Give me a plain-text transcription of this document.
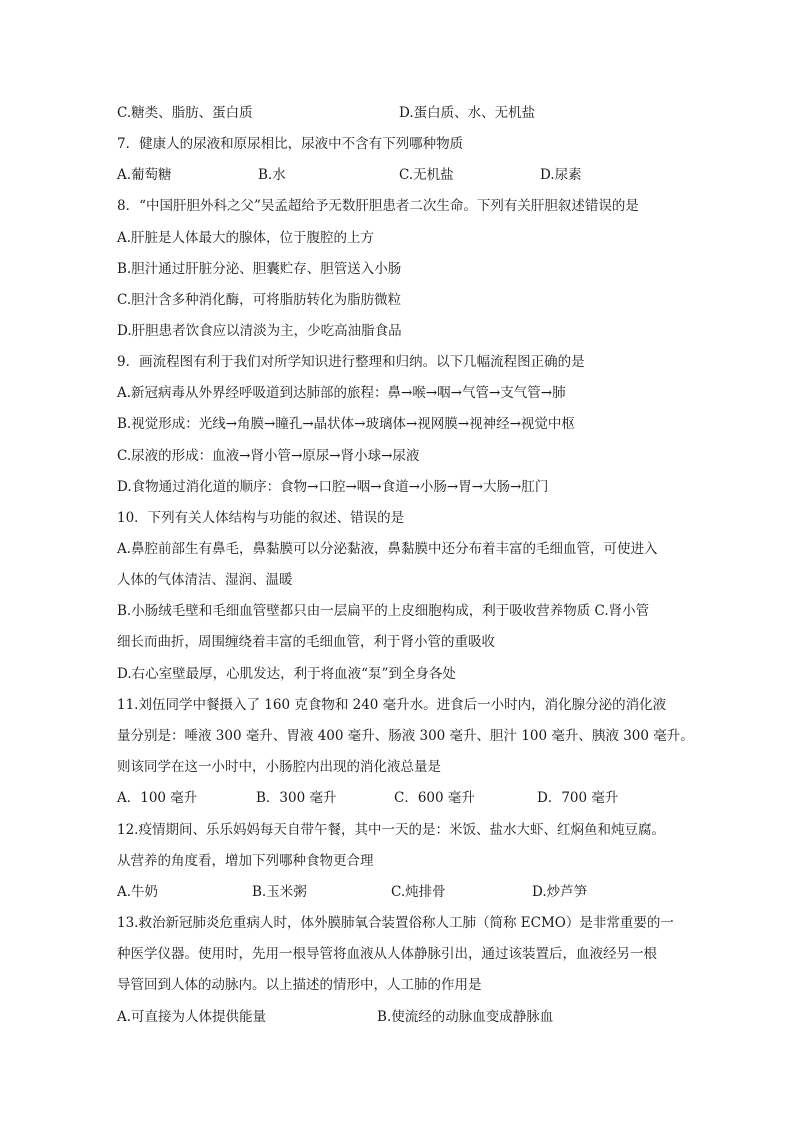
C.糖类、脂肪、蛋白质	D.蛋白质、水、无机盐
7．健康人的尿液和原尿相比，尿液中不含有下列哪种物质
A.葡萄糖	B.水	C.无机盐	D.尿素
8．“中国肝胆外科之父”吴孟超给予无数肝胆患者二次生命。下列有关肝胆叙述错误的是
A.肝脏是人体最大的腺体，位于腹腔的上方
B.胆汁通过肝脏分泌、胆囊贮存、胆管送入小肠
C.胆汁含多种消化酶，可将脂肪转化为脂肪微粒
D.肝胆患者饮食应以清淡为主，少吃高油脂食品
9．画流程图有利于我们对所学知识进行整理和归纳。以下几幅流程图正确的是
A.新冠病毒从外界经呼吸道到达肺部的旅程：鼻→喉→咽→气管→支气管→肺
B.视觉形成：光线→角膜→瞳孔→晶状体→玻璃体→视网膜→视神经→视觉中枢
C.尿液的形成：血液→肾小管→原尿→肾小球→尿液
D.食物通过消化道的顺序：食物→口腔→咽→食道→小肠→胃→大肠→肛门
10．下列有关人体结构与功能的叙述、错误的是
A.鼻腔前部生有鼻毛，鼻黏膜可以分泌黏液，鼻黏膜中还分布着丰富的毛细血管，可使进入
人体的气体清洁、湿润、温暖
B.小肠绒毛壁和毛细血管壁都只由一层扁平的上皮细胞构成，利于吸收营养物质 C.肾小管
细长而曲折，周围缠绕着丰富的毛细血管，利于肾小管的重吸收
D.右心室壁最厚，心肌发达，利于将血液“泵”到全身各处
11.刘伍同学中餐摄入了 160 克食物和 240 毫升水。进食后一小时内，消化腺分泌的消化液
量分别是：唾液 300 毫升、胃液 400 毫升、肠液 300 毫升、胆汁 100 毫升、胰液 300 毫升。
则该同学在这一小时中，小肠腔内出现的消化液总量是
A．100 毫升	B．300 毫升	C．600 毫升	D．700 毫升
12.疫情期间、乐乐妈妈每天自带午餐，其中一天的是：米饭、盐水大虾、红焖鱼和炖豆腐。
从营养的角度看，增加下列哪种食物更合理
A.牛奶	B.玉米粥	C.炖排骨	D.炒芦笋
13.救治新冠肺炎危重病人时，体外膜肺氧合装置俗称人工肺（简称 ECMO）是非常重要的一
种医学仪器。使用时，先用一根导管将血液从人体静脉引出，通过该装置后，血液经另一根
导管回到人体的动脉内。以上描述的情形中，人工肺的作用是
A.可直接为人体提供能量	B.使流经的动脉血变成静脉血
